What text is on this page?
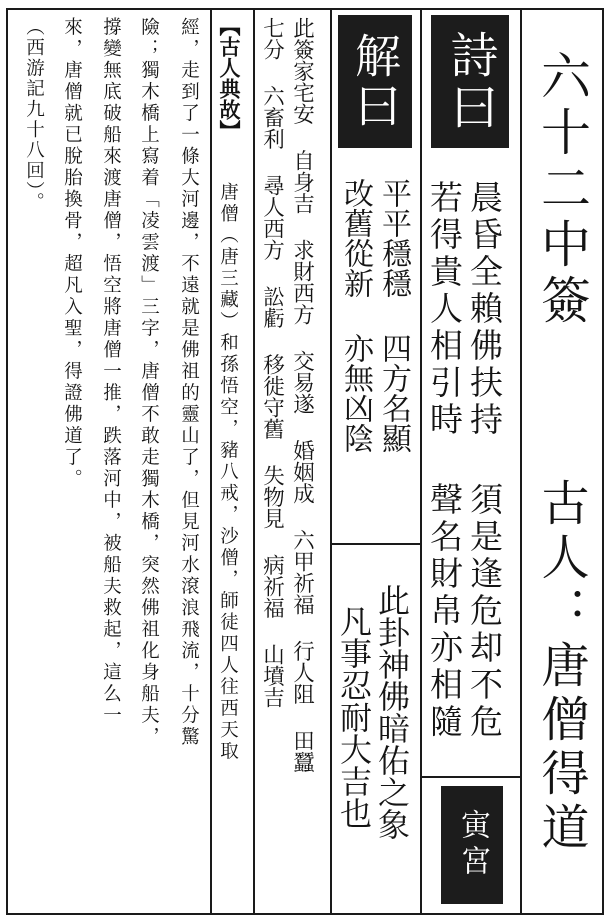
六十二中簽
古人：唐僧得道
詩曰
晨昏全賴佛扶持 須是逢危却不危
若得貴人相引時 聲名財帛亦相隨
寅宮
解曰
平平穩穩 四方名顯
改舊從新 亦無凶陰
此卦神佛暗佑之象
凡事忍耐大吉也
此簽家宅安 自身吉 求財西方 交易遂 婚姻成 六甲祈福 行人阻 田蠶
七分 六畜利 尋人西方 訟虧 移徙守舊 失物見 病祈福 山墳吉
【古人典故】
唐僧（唐三藏）和孫悟空，豬八戒，沙僧，師徒四人往西天取
經，走到了一條大河邊，不遠就是佛祖的靈山了，但見河水滾浪飛流，十分驚
險；獨木橋上寫着「凌雲渡」三字，唐僧不敢走獨木橋，突然佛祖化身船夫，
撐變無底破船來渡唐僧，悟空將唐僧一推，跌落河中，被船夫救起，這么一
來，唐僧就已脫胎換骨，超凡入聖，得證佛道了。
（西游記九十八回）。
